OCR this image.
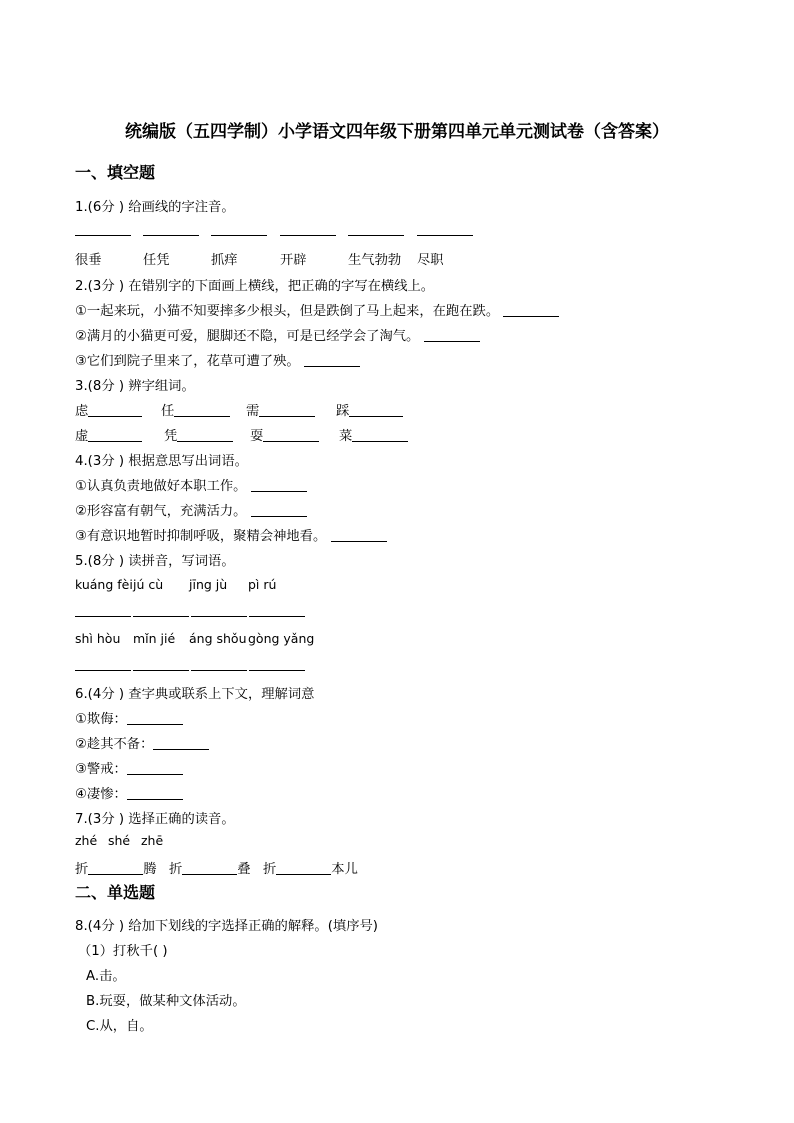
统编版（五四学制）小学语文四年级下册第四单元单元测试卷（含答案）
一、填空题
1.(6分 ) 给画线的字注音。
很垂	任凭	抓痒	开辟	生气勃勃 尽职
2.(3分 ) 在错别字的下面画上横线，把正确的字写在横线上。
①一起来玩，小猫不知要摔多少根头，但是跌倒了马上起来，在跑在跌。
②满月的小猫更可爱，腿脚还不隐，可是已经学会了淘气。
③它们到院子里来了，花草可遭了殃。
3.(8分 ) 辨字组词。
虑	任	需	踩
虚	凭	耍	菜
4.(3分 ) 根据意思写出词语。
①认真负责地做好本职工作。
②形容富有朝气，充满活力。
③有意识地暂时抑制呼吸，聚精会神地看。
5.(8分 ) 读拼音，写词语。
kuáng fèi jú cù jīng jù pì rú
shì hòu mǐn jié áng shǒu gòng yǎng
6.(4分 ) 查字典或联系上下文，理解词意
①欺侮：
②趁其不备：
③警戒：
④凄惨：
7.(3分 ) 选择正确的读音。
zhé shé zhē
折	腾 折	叠 折	本儿
二、单选题
8.(4分 ) 给加下划线的字选择正确的解释。(填序号)
（1）打秋千( )
A.击。
B.玩耍，做某种文体活动。
C.从，自。
